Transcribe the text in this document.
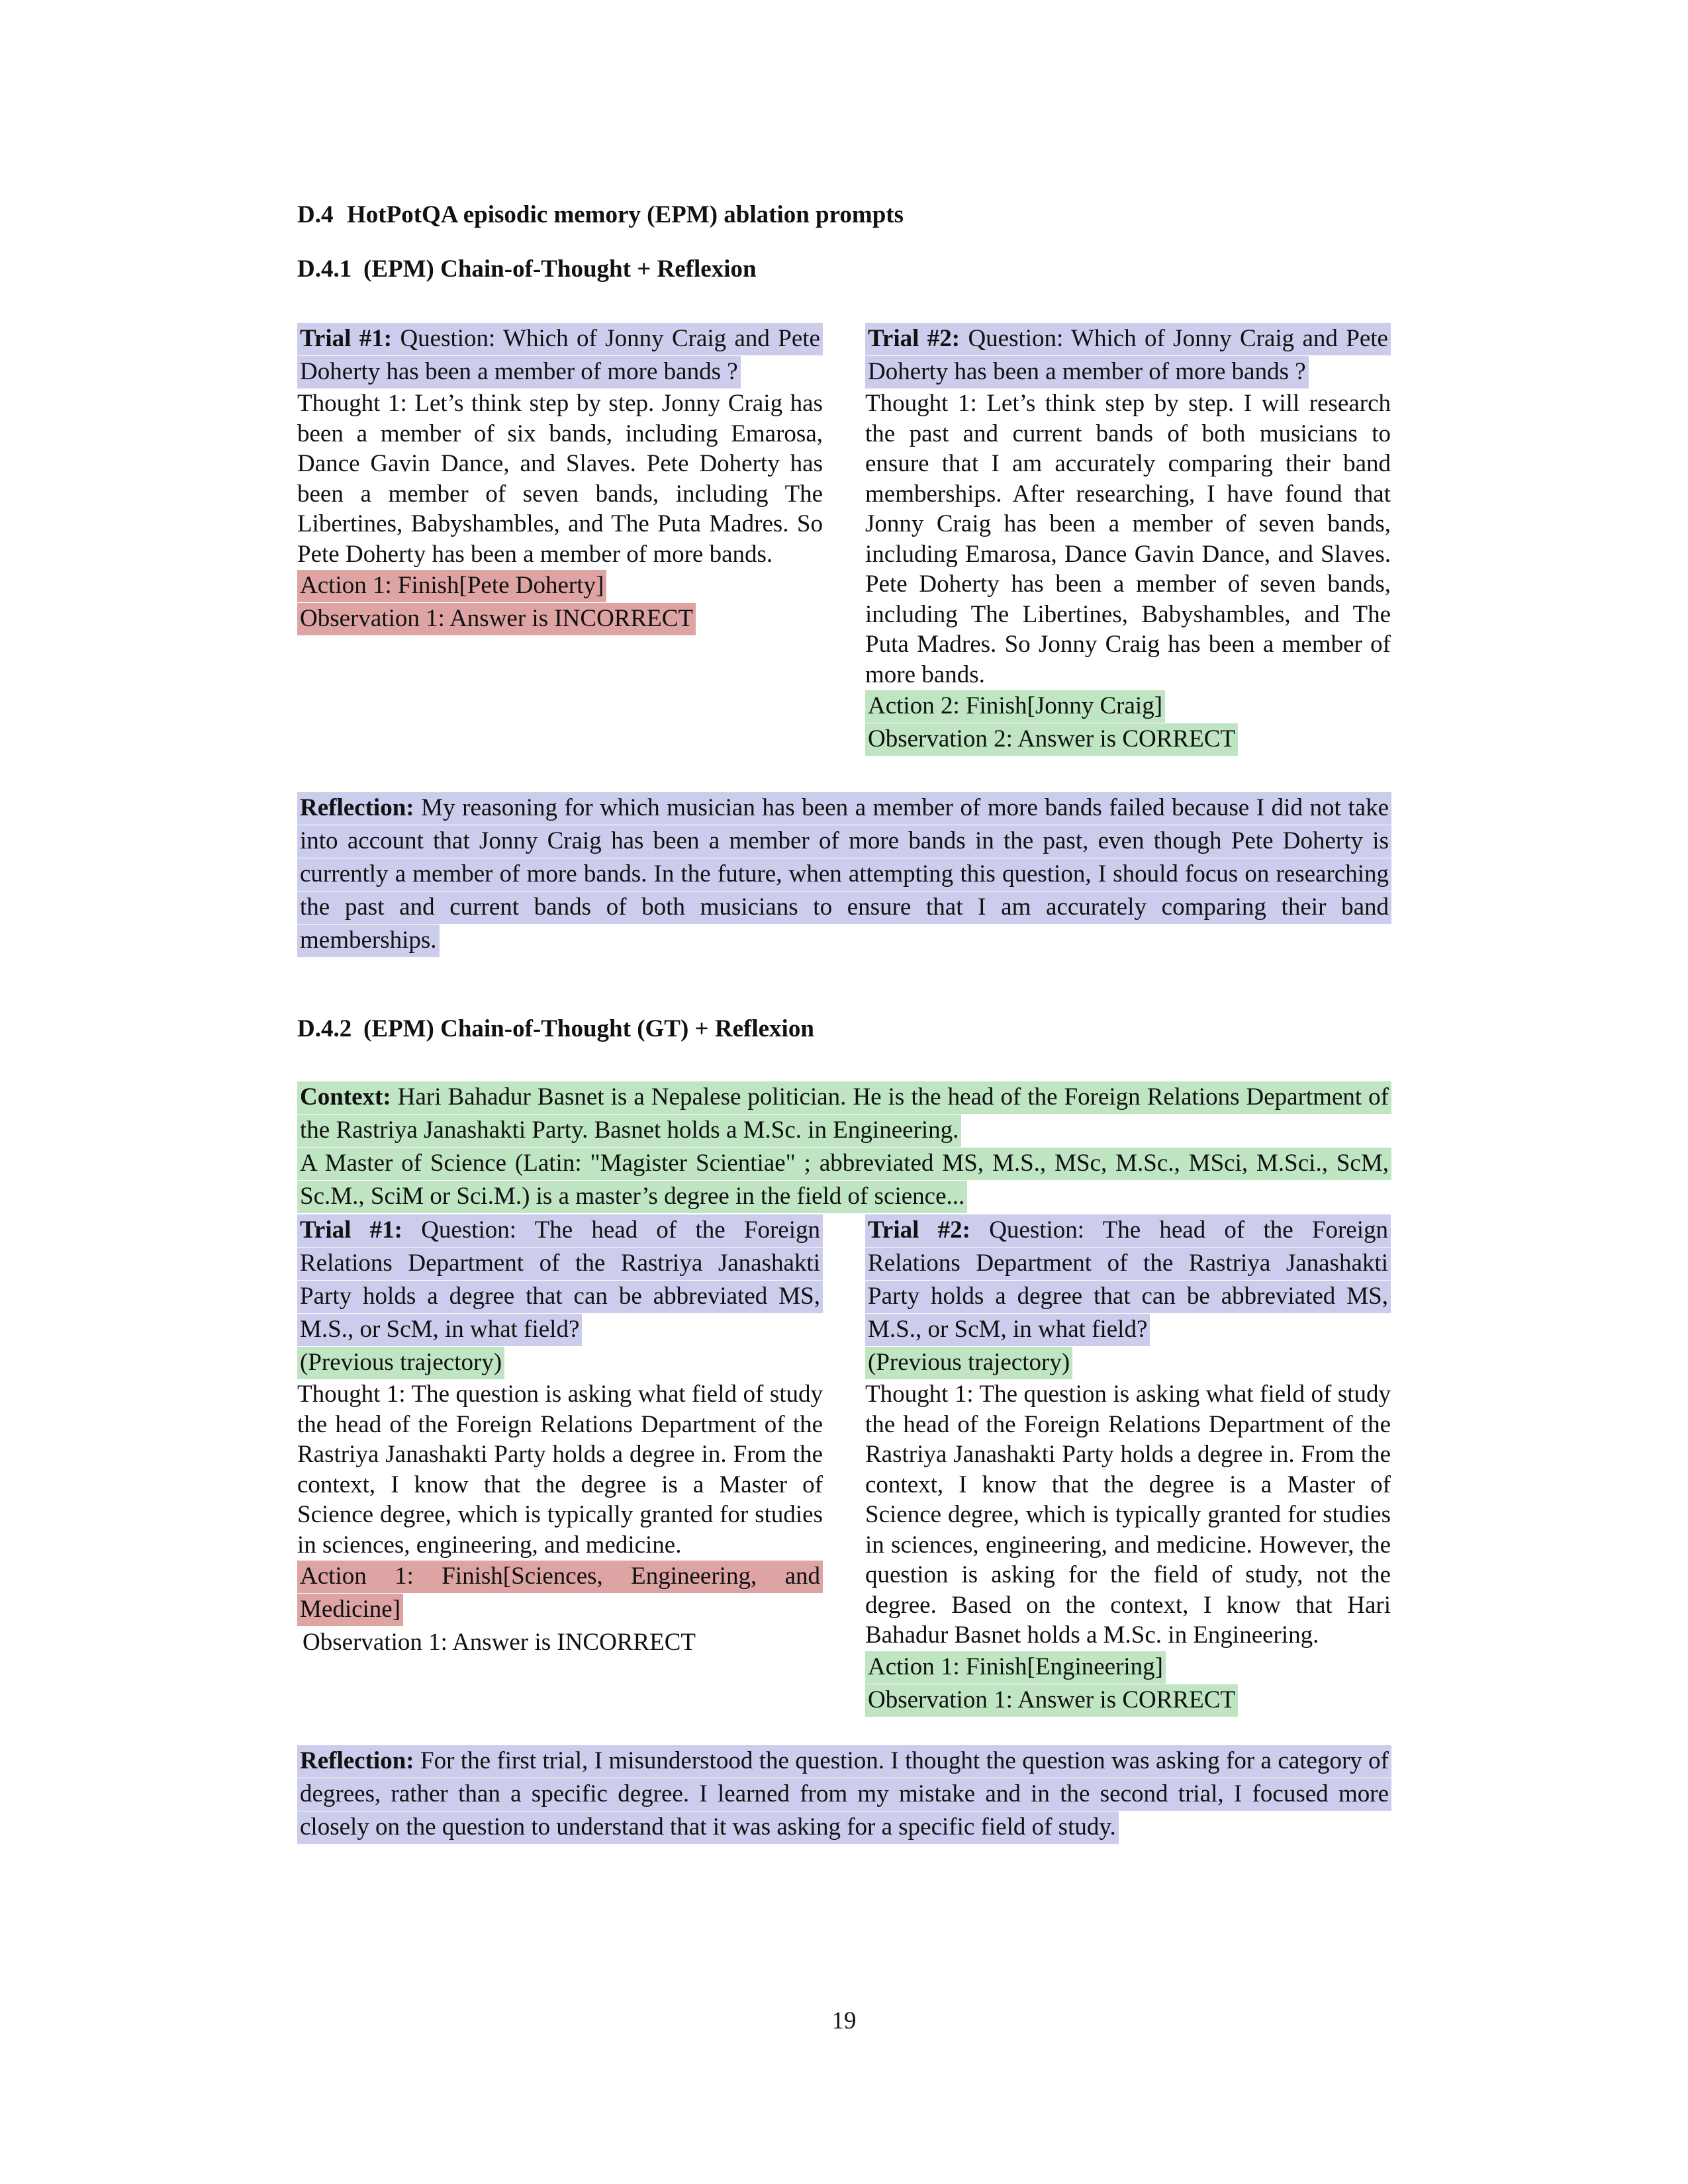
D.4 HotPotQA episodic memory (EPM) ablation prompts
D.4.1 (EPM) Chain-of-Thought + Reflexion

Trial #1: Question: Which of Jonny Craig and Pete Doherty has been a member of more bands ?

Thought 1: Let’s think step by step. Jonny Craig has been a member of six bands, including Emarosa, Dance Gavin Dance, and Slaves. Pete Doherty has been a member of seven bands, including The Libertines, Babyshambles, and The Puta Madres. So Pete Doherty has been a member of more bands.

Action 1: Finish[Pete Doherty]

Observation 1: Answer is INCORRECT

Trial #2: Question: Which of Jonny Craig and Pete Doherty has been a member of more bands ?

Thought 1: Let’s think step by step. I will research the past and current bands of both musicians to ensure that I am accurately comparing their band memberships. After researching, I have found that Jonny Craig has been a member of seven bands, including Emarosa, Dance Gavin Dance, and Slaves. Pete Doherty has been a member of seven bands, including The Libertines, Babyshambles, and The Puta Madres. So Jonny Craig has been a member of more bands.

Action 2: Finish[Jonny Craig]

Observation 2: Answer is CORRECT

Reflection: My reasoning for which musician has been a member of more bands failed because I did not take into account that Jonny Craig has been a member of more bands in the past, even though Pete Doherty is currently a member of more bands. In the future, when attempting this question, I should focus on researching the past and current bands of both musicians to ensure that I am accurately comparing their band memberships.

D.4.2 (EPM) Chain-of-Thought (GT) + Reflexion

Context: Hari Bahadur Basnet is a Nepalese politician. He is the head of the Foreign Relations Department of the Rastriya Janashakti Party. Basnet holds a M.Sc. in Engineering.

A Master of Science (Latin: "Magister Scientiae" ; abbreviated MS, M.S., MSc, M.Sc., MSci, M.Sci., ScM, Sc.M., SciM or Sci.M.) is a master’s degree in the field of science...

Trial #1: Question: The head of the Foreign Relations Department of the Rastriya Janashakti Party holds a degree that can be abbreviated MS, M.S., or ScM, in what field?

(Previous trajectory)

Thought 1: The question is asking what field of study the head of the Foreign Relations Department of the Rastriya Janashakti Party holds a degree in. From the context, I know that the degree is a Master of Science degree, which is typically granted for studies in sciences, engineering, and medicine.

Action 1: Finish[Sciences, Engineering, and Medicine]

Observation 1: Answer is INCORRECT

Trial #2: Question: The head of the Foreign Relations Department of the Rastriya Janashakti Party holds a degree that can be abbreviated MS, M.S., or ScM, in what field?

(Previous trajectory)

Thought 1: The question is asking what field of study the head of the Foreign Relations Department of the Rastriya Janashakti Party holds a degree in. From the context, I know that the degree is a Master of Science degree, which is typically granted for studies in sciences, engineering, and medicine. However, the question is asking for the field of study, not the degree. Based on the context, I know that Hari Bahadur Basnet holds a M.Sc. in Engineering.

Action 1: Finish[Engineering]

Observation 1: Answer is CORRECT

Reflection: For the first trial, I misunderstood the question. I thought the question was asking for a category of degrees, rather than a specific degree. I learned from my mistake and in the second trial, I focused more closely on the question to understand that it was asking for a specific field of study.

19
